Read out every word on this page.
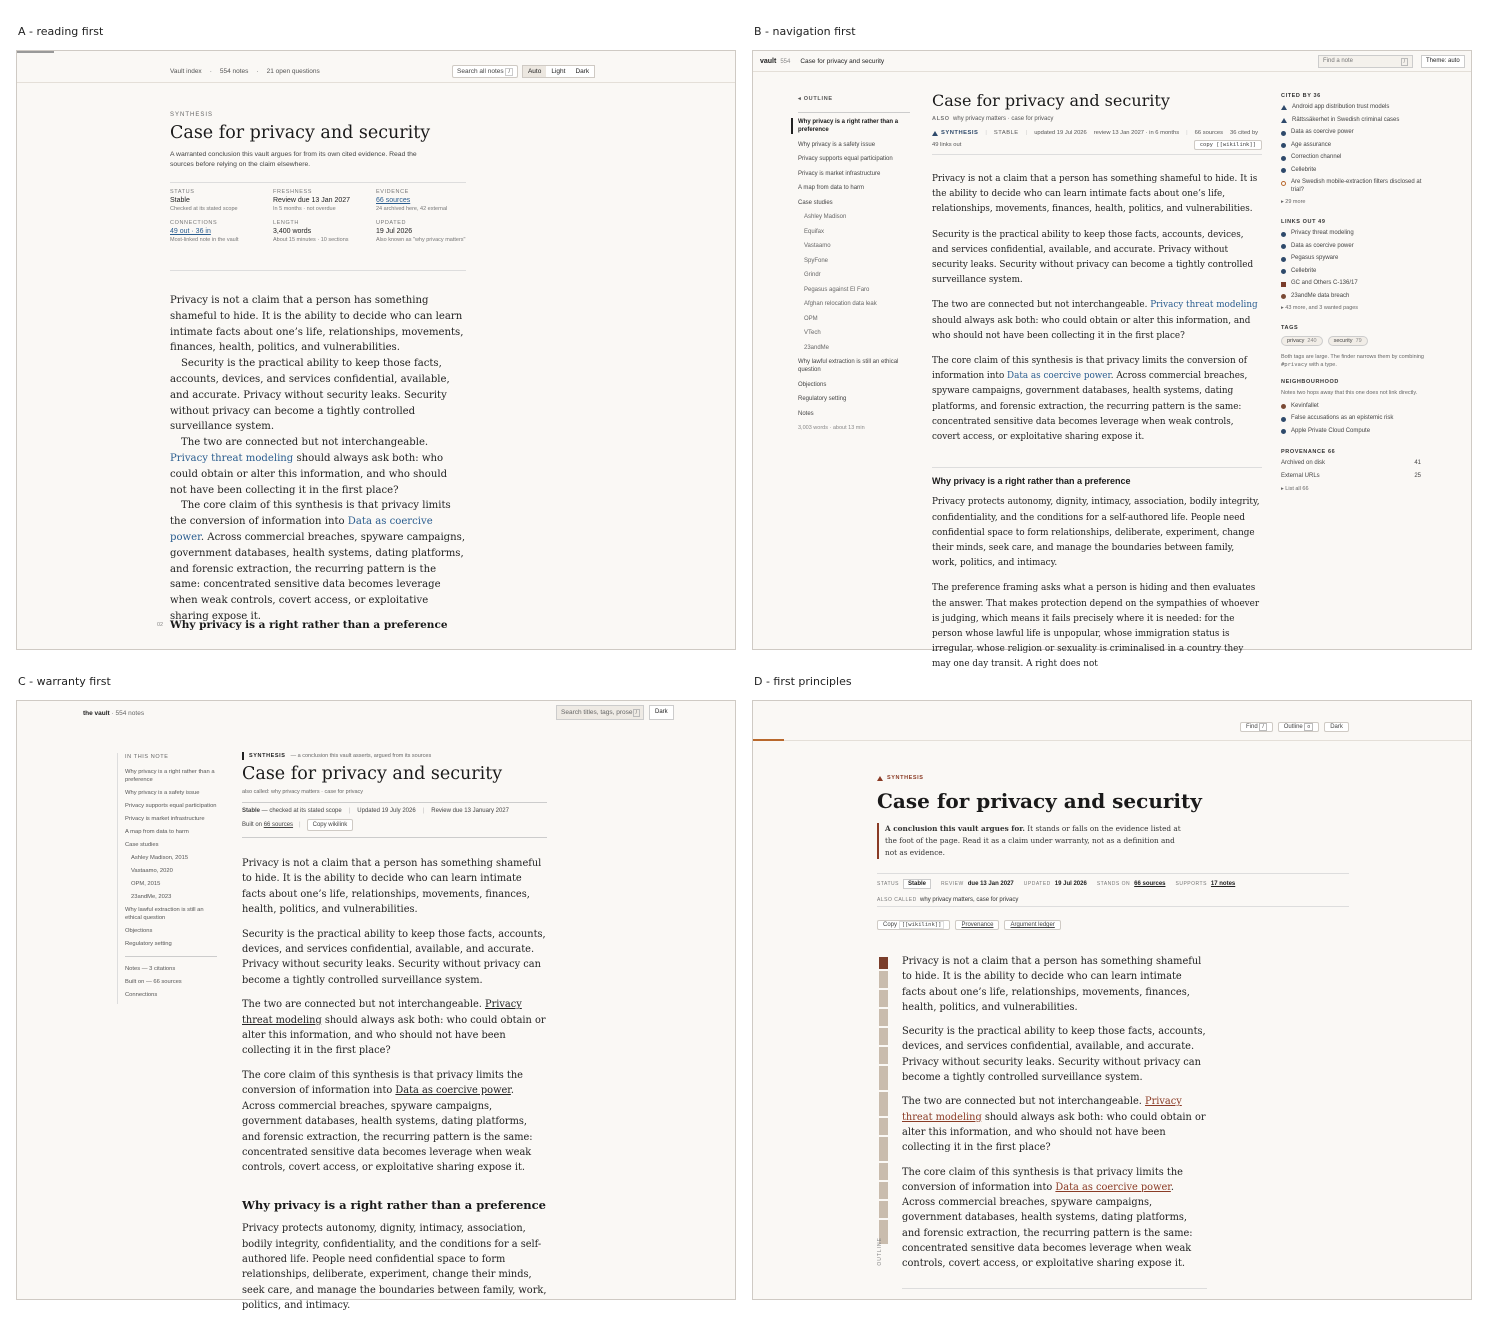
A - reading first	B - navigation first
C - warranty first	D - first principles
Vault index · 554 notes · 21 open questions	Search all notes /	Auto	Light	Dark
SYNTHESIS
Case for privacy and security
A warranted conclusion this vault argues for from its own cited evidence. Read the sources before relying on the claim elsewhere.
STATUS
Stable
Checked at its stated scope
FRESHNESS
Review due 13 Jan 2027
In 5 months · not overdue
EVIDENCE
66 sources
24 archived here, 42 external
CONNECTIONS
49 out · 36 in
Most-linked note in the vault
LENGTH
3,400 words
About 15 minutes · 10 sections
UPDATED
19 Jul 2026
Also known as "why privacy matters"

Privacy is not a claim that a person has something shameful to hide. It is the ability to decide who can learn intimate facts about one’s life, relationships, movements, finances, health, politics, and vulnerabilities.

Security is the practical ability to keep those facts, accounts, devices, and services confidential, available, and accurate. Privacy without security leaks. Security without privacy can become a tightly controlled surveillance system.

The two are connected but not interchangeable. Privacy threat modeling should always ask both: who could obtain or alter this information, and who should not have been collecting it in the first place?

The core claim of this synthesis is that privacy limits the conversion of information into Data as coercive power. Across commercial breaches, spyware campaigns, government databases, health systems, dating platforms, and forensic extraction, the recurring pattern is the same: concentrated sensitive data becomes leverage when weak controls, covert access, or exploitative sharing expose it.

02 Why privacy is a right rather than a preference
vault 554 Case for privacy and security	Find a note	/	Theme: auto
◂ OUTLINE
Why privacy is a right rather than a preference
Why privacy is a safety issue
Privacy supports equal participation
Privacy is market infrastructure
A map from data to harm
Case studies
Ashley Madison
Equifax
Vastaamo
SpyFone
Grindr
Pegasus against El Faro
Afghan relocation data leak
OPM
VTech
23andMe
Why lawful extraction is still an ethical question
Objections
Regulatory setting
Notes
3,003 words · about 13 min
Case for privacy and security
ALSO why privacy matters · case for privacy
SYNTHESIS | STABLE | updated 19 Jul 2026 review 13 Jan 2027 · in 6 months | 66 sources 36 cited by
49 links out	copy [[wikilink]]

Privacy is not a claim that a person has something shameful to hide. It is the ability to decide who can learn intimate facts about one’s life, relationships, movements, finances, health, politics, and vulnerabilities.

Security is the practical ability to keep those facts, accounts, devices, and services confidential, available, and accurate. Privacy without security leaks. Security without privacy can become a tightly controlled surveillance system.

The two are connected but not interchangeable. Privacy threat modeling should always ask both: who could obtain or alter this information, and who should not have been collecting it in the first place?

The core claim of this synthesis is that privacy limits the conversion of information into Data as coercive power. Across commercial breaches, spyware campaigns, government databases, health systems, dating platforms, and forensic extraction, the recurring pattern is the same: concentrated sensitive data becomes leverage when weak controls, covert access, or exploitative sharing expose it.

Why privacy is a right rather than a preference

Privacy protects autonomy, dignity, intimacy, association, bodily integrity, confidentiality, and the conditions for a self-authored life. People need confidential space to form relationships, deliberate, experiment, change their minds, seek care, and manage the boundaries between family, work, politics, and intimacy.

The preference framing asks what a person is hiding and then evaluates the answer. That makes protection depend on the sympathies of whoever is judging, which means it fails precisely where it is needed: for the person whose lawful life is unpopular, whose immigration status is irregular, whose religion or sexuality is criminalised in a country they may one day transit. A right does not

CITED BY 36
Android app distribution trust models
Rättssäkerhet in Swedish criminal cases
Data as coercive power
Age assurance
Correction channel
Cellebrite
Are Swedish mobile-extraction filters disclosed at trial?
▸ 29 more
LINKS OUT 49
Privacy threat modeling
Data as coercive power
Pegasus spyware
Cellebrite
GC and Others C-136/17
23andMe data breach
▸ 43 more, and 3 wanted pages
TAGS
privacy 240	security 79
Both tags are large. The finder narrows them by combining #privacy with a type.
NEIGHBOURHOOD
Notes two hops away that this one does not link directly.
Kevinfallet
False accusations as an epistemic risk
Apple Private Cloud Compute
PROVENANCE 66
Archived on disk	41
External URLs	25
▸ List all 66
the vault · 554 notes	Search titles, tags, prose /	Dark
IN THIS NOTE
Why privacy is a right rather than a preference
Why privacy is a safety issue
Privacy supports equal participation
Privacy is market infrastructure
A map from data to harm
Case studies
Ashley Madison, 2015
Vastaamo, 2020
OPM, 2015
23andMe, 2023
Why lawful extraction is still an ethical question
Objections
Regulatory setting
Notes — 3 citations
Built on — 66 sources
Connections
SYNTHESIS — a conclusion this vault asserts, argued from its sources
Case for privacy and security
also called: why privacy matters · case for privacy
Stable — checked at its stated scope | Updated 19 July 2026 | Review due 13 January 2027
Built on 66 sources |	Copy wikilink

Privacy is not a claim that a person has something shameful to hide. It is the ability to decide who can learn intimate facts about one’s life, relationships, movements, finances, health, politics, and vulnerabilities.

Security is the practical ability to keep those facts, accounts, devices, and services confidential, available, and accurate. Privacy without security leaks. Security without privacy can become a tightly controlled surveillance system.

The two are connected but not interchangeable. Privacy threat modeling should always ask both: who could obtain or alter this information, and who should not have been collecting it in the first place?

The core claim of this synthesis is that privacy limits the conversion of information into Data as coercive power. Across commercial breaches, spyware campaigns, government databases, health systems, dating platforms, and forensic extraction, the recurring pattern is the same: concentrated sensitive data becomes leverage when weak controls, covert access, or exploitative sharing expose it.

Why privacy is a right rather than a preference

Privacy protects autonomy, dignity, intimacy, association, bodily integrity, confidentiality, and the conditions for a self-authored life. People need confidential space to form relationships, deliberate, experiment, change their minds, seek care, and manage the boundaries between family, work, politics, and intimacy.

Find /	Outline o	Dark
SYNTHESIS
Case for privacy and security
A conclusion this vault argues for. It stands or falls on the evidence listed at the foot of the page. Read it as a claim under warranty, not as a definition and not as evidence.
STATUS Stable	REVIEW due 13 Jan 2027 UPDATED 19 Jul 2026 STANDS ON 66 sources SUPPORTS 17 notes
ALSO CALLED why privacy matters, case for privacy
Copy [[wikilink]]	Provenance	Argument ledger
OUTLINE

Privacy is not a claim that a person has something shameful to hide. It is the ability to decide who can learn intimate facts about one’s life, relationships, movements, finances, health, politics, and vulnerabilities.

Security is the practical ability to keep those facts, accounts, devices, and services confidential, available, and accurate. Privacy without security leaks. Security without privacy can become a tightly controlled surveillance system.

The two are connected but not interchangeable. Privacy threat modeling should always ask both: who could obtain or alter this information, and who should not have been collecting it in the first place?

The core claim of this synthesis is that privacy limits the conversion of information into Data as coercive power. Across commercial breaches, spyware campaigns, government databases, health systems, dating platforms, and forensic extraction, the recurring pattern is the same: concentrated sensitive data becomes leverage when weak controls, covert access, or exploitative sharing expose it.
